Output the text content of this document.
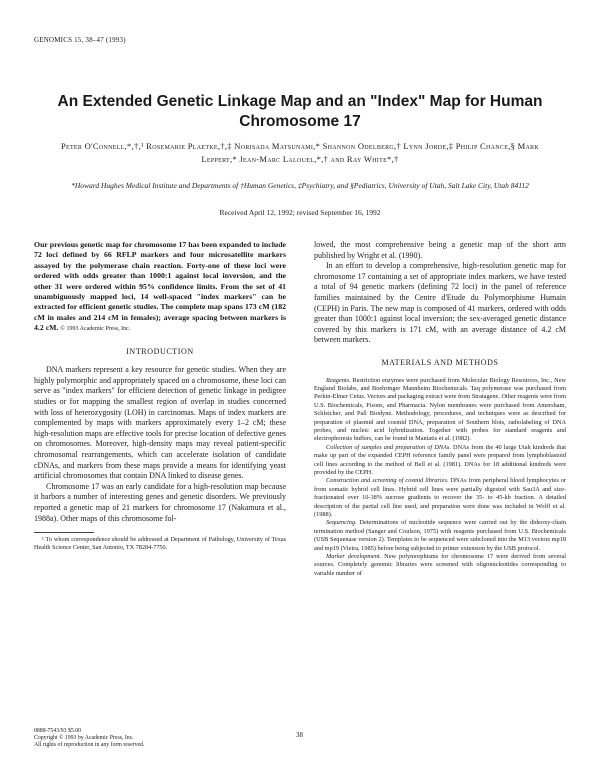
GENOMICS 15, 38–47 (1993)
An Extended Genetic Linkage Map and an "Index" Map for Human Chromosome 17
Peter O'Connell,*,†,¹ Rosemarie Plaetke,†,‡ Norisada Matsunami,* Shannon Odelberg,† Lynn Jorde,‡ Philip Chance,§ Mark Leppert,* Jean-Marc Lalouel,*,† and Ray White*,†
*Howard Hughes Medical Institute and Departments of †Human Genetics, ‡Psychiatry, and §Pediatrics, University of Utah, Salt Lake City, Utah 84112
Received April 12, 1992; revised September 16, 1992
Our previous genetic map for chromosome 17 has been expanded to include 72 loci defined by 66 RFLP markers and four microsatellite markers assayed by the polymerase chain reaction. Forty-one of these loci were ordered with odds greater than 1000:1 against local inversion, and the other 31 were ordered within 95% confidence limits. From the set of 41 unambiguously mapped loci, 14 well-spaced "index markers" can be extracted for efficient genetic studies. The complete map spans 173 cM (182 cM in males and 214 cM in females); average spacing between markers is 4.2 cM. © 1993 Academic Press, Inc.
INTRODUCTION

DNA markers represent a key resource for genetic studies. When they are highly polymorphic and appropriately spaced on a chromosome, these loci can serve as "index markers" for efficient detection of genetic linkage in pedigree studies or for mapping the smallest region of overlap in studies concerned with loss of heterozygosity (LOH) in carcinomas. Maps of index markers are complemented by maps with markers approximately every 1–2 cM; these high-resolution maps are effective tools for precise location of defective genes on chromosomes. Moreover, high-density maps may reveal patient-specific chromosomal rearrangements, which can accelerate isolation of candidate cDNAs, and markers from these maps provide a means for identifying yeast artificial chromosomes that contain DNA linked to disease genes.

Chromosome 17 was an early candidate for a high-resolution map because it harbors a number of interesting genes and genetic disorders. We previously reported a genetic map of 21 markers for chromosome 17 (Nakamura et al., 1988a). Other maps of this chromosome fol-

¹ To whom correspondence should be addressed at Department of Pathology, University of Texas Health Science Center, San Antonio, TX 78284-7750.

lowed, the most comprehensive being a genetic map of the short arm published by Wright et al. (1990).

In an effort to develop a comprehensive, high-resolution genetic map for chromosome 17 containing a set of appropriate index markers, we have tested a total of 94 genetic markers (defining 72 loci) in the panel of reference families maintained by the Centre d'Etude du Polymorphisme Humain (CEPH) in Paris. The new map is composed of 41 markers, ordered with odds greater than 1000:1 against local inversion; the sex-averaged genetic distance covered by this markers is 171 cM, with an average distance of 4.2 cM between markers.

MATERIALS AND METHODS

Reagents. Restriction enzymes were purchased from Molecular Biology Resources, Inc., New England Biolabs, and Boehringer Mannheim Biochemicals. Taq polymerase was purchased from Perkin-Elmer Cetus. Vectors and packaging extract were from Stratagene. Other reagents were from U.S. Biochemicals, Fisons, and Pharmacia. Nylon membranes were purchased from Amersham, Schleicher, and Pall Biodyne. Methodology, procedures, and techniques were as described for preparation of plasmid and cosmid DNA, preparation of Southern blots, radiolabeling of DNA probes, and nucleic acid hybridization. Together with probes for standard reagents and electrophoresis buffers, can be found in Maniatis et al. (1982).

Collection of samples and preparation of DNAs. DNAs from the 40 large Utah kindreds that make up part of the expanded CEPH reference family panel were prepared from lymphoblastoid cell lines according to the method of Bell et al. (1981). DNAs for 18 additional kindreds were provided by the CEPH.

Construction and screening of cosmid libraries. DNAs from peripheral blood lymphocytes or from somatic hybrid cell lines. Hybrid cell lines were partially digested with Sau3A and size-fractionated over 10-38% sucrose gradients to recover the 35- to 45-kb fraction. A detailed description of the partial cell line used, and preparation were done was included in Wolff et al. (1988).

Sequencing. Determinations of nucleotide sequence were carried out by the dideoxy-chain termination method (Sanger and Coulson, 1975) with reagents purchased from U.S. Biochemicals (USB Sequenase version 2). Templates to be sequenced were subcloned into the M13 vectors mp18 and mp19 (Vieira, 1985) before being subjected to primer extension by the USB protocol.

Marker development. New polymorphisms for chromosome 17 were derived from several sources. Completely genomic libraries were screened with oligonucleotides corresponding to variable number of

0888-7543/93 $5.00
Copyright © 1993 by Academic Press, Inc.
All rights of reproduction in any form reserved.
38
